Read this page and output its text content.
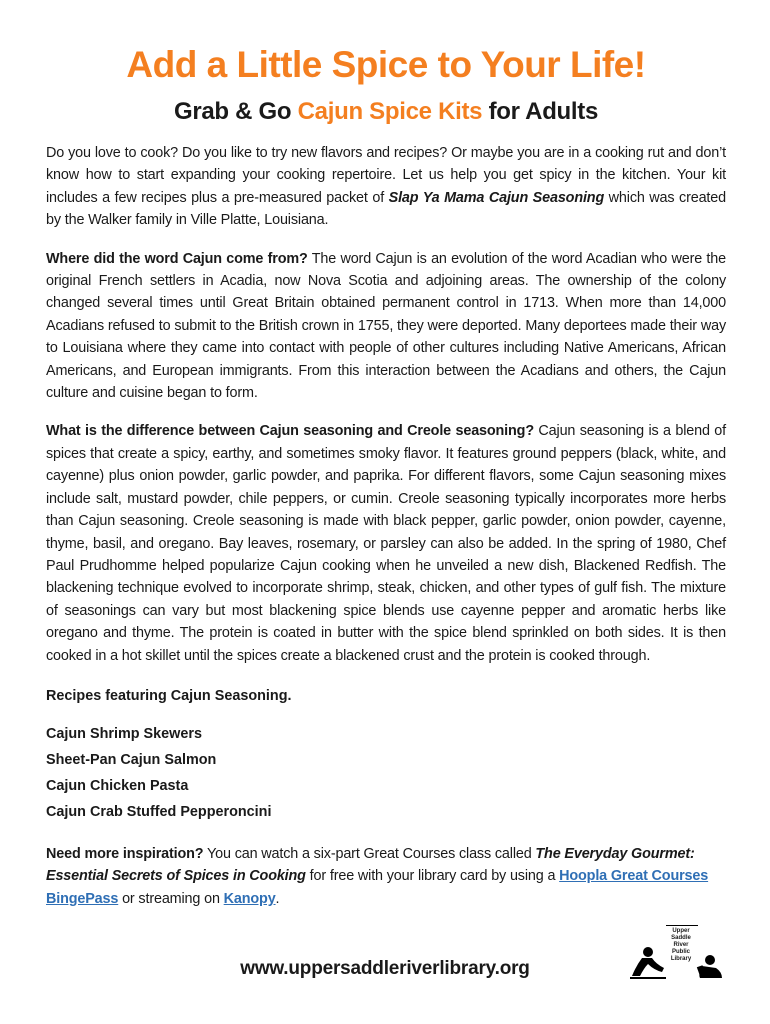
Add a Little Spice to Your Life!
Grab & Go Cajun Spice Kits for Adults

Do you love to cook? Do you like to try new flavors and recipes? Or maybe you are in a cooking rut and don’t know how to start expanding your cooking repertoire. Let us help you get spicy in the kitchen. Your kit includes a few recipes plus a pre-measured packet of Slap Ya Mama Cajun Seasoning which was created by the Walker family in Ville Platte, Louisiana.

Where did the word Cajun come from? The word Cajun is an evolution of the word Acadian who were the original French settlers in Acadia, now Nova Scotia and adjoining areas. The ownership of the colony changed several times until Great Britain obtained permanent control in 1713. When more than 14,000 Acadians refused to submit to the British crown in 1755, they were deported. Many deportees made their way to Louisiana where they came into contact with people of other cultures including Native Americans, African Americans, and European immigrants. From this interaction between the Acadians and others, the Cajun culture and cuisine began to form.

What is the difference between Cajun seasoning and Creole seasoning? Cajun seasoning is a blend of spices that create a spicy, earthy, and sometimes smoky flavor. It features ground peppers (black, white, and cayenne) plus onion powder, garlic powder, and paprika. For different flavors, some Cajun seasoning mixes include salt, mustard powder, chile peppers, or cumin. Creole seasoning typically incorporates more herbs than Cajun seasoning. Creole seasoning is made with black pepper, garlic powder, onion powder, cayenne, thyme, basil, and oregano. Bay leaves, rosemary, or parsley can also be added. In the spring of 1980, Chef Paul Prudhomme helped popularize Cajun cooking when he unveiled a new dish, Blackened Redfish. The blackening technique evolved to incorporate shrimp, steak, chicken, and other types of gulf fish. The mixture of seasonings can vary but most blackening spice blends use cayenne pepper and aromatic herbs like oregano and thyme. The protein is coated in butter with the spice blend sprinkled on both sides. It is then cooked in a hot skillet until the spices create a blackened crust and the protein is cooked through.

Recipes featuring Cajun Seasoning.
Cajun Shrimp Skewers
Sheet-Pan Cajun Salmon
Cajun Chicken Pasta
Cajun Crab Stuffed Pepperoncini

Need more inspiration? You can watch a six-part Great Courses class called The Everyday Gourmet: Essential Secrets of Spices in Cooking for free with your library card by using a Hoopla Great Courses BingePass or streaming on Kanopy.

www.uppersaddleriverlibrary.org
Upper
Saddle
River
Public
Library
